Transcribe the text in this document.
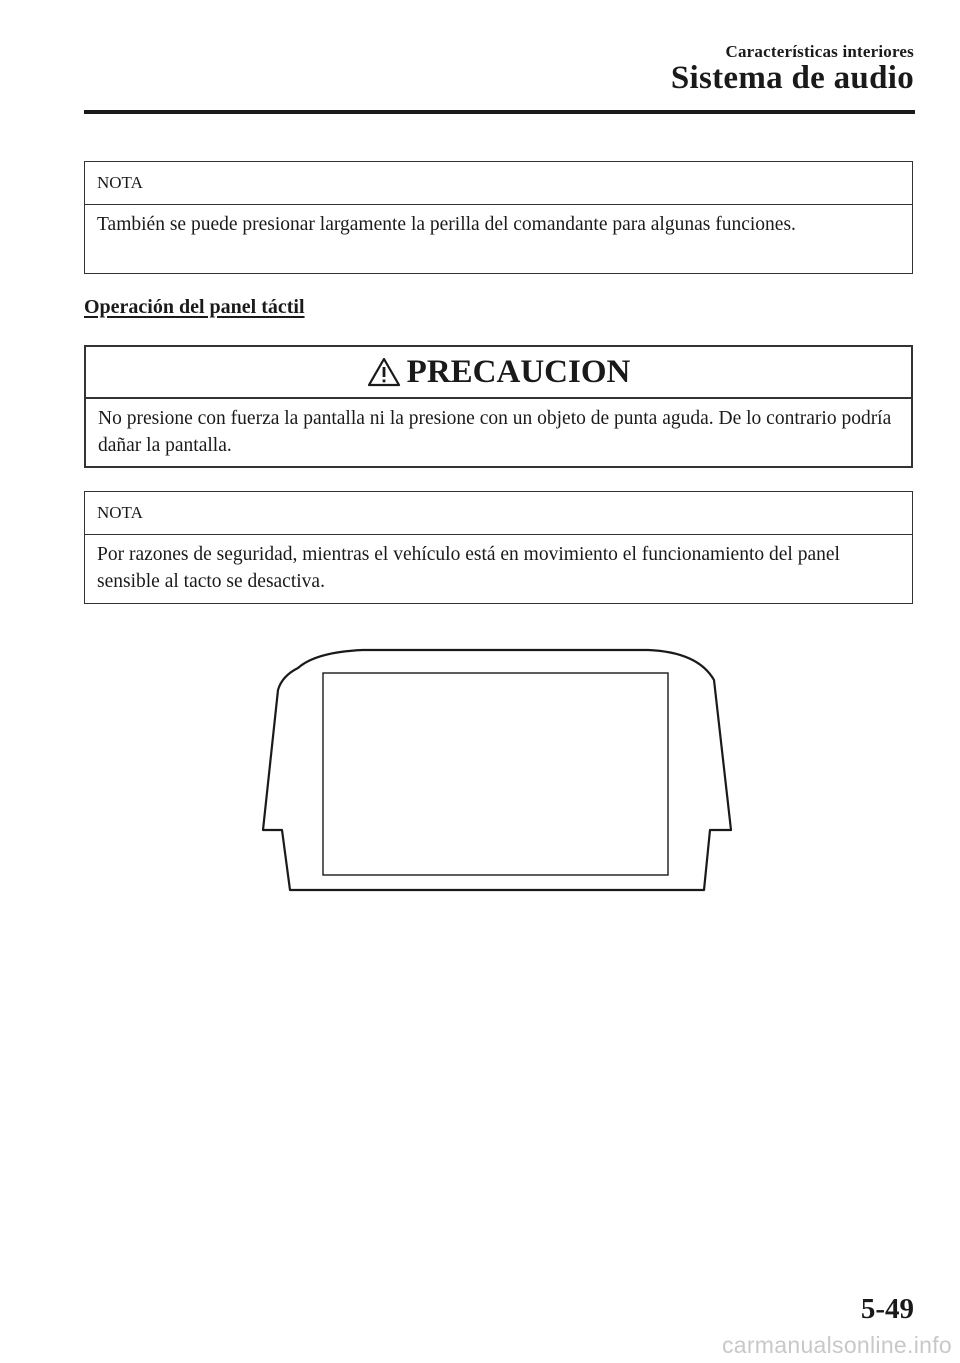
Características interiores
Sistema de audio
NOTA
También se puede presionar largamente la perilla del comandante para algunas funciones.
Operación del panel táctil
PRECAUCION
No presione con fuerza la pantalla ni la presione con un objeto de punta aguda. De lo contrario podría dañar la pantalla.
NOTA
Por razones de seguridad, mientras el vehículo está en movimiento el funcionamiento del panel sensible al tacto se desactiva.
5-49
carmanualsonline.info
